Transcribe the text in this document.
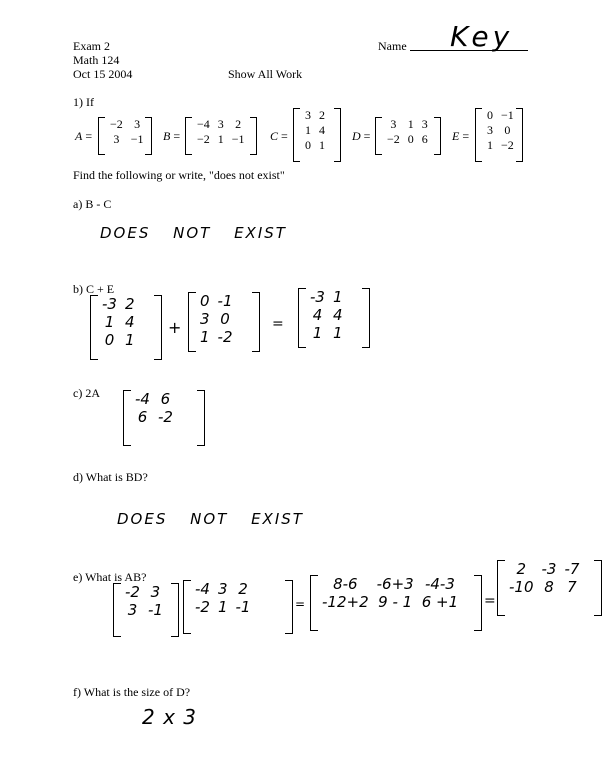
Exam 2
Math 124
Oct 15 2004	Show All Work
Name Key
1) If
A =
−2	3
3	−1 B =
−4	3	2
−2	1	−1 C =
3	2
1	4
0	1
D =
3	1	3
−2	0	6 E =
0	−1
3	0
1	−2
Find the following or write, "does not exist"
a) B - C
DOES NOT EXIST
b) C + E
-3	2
1	4
0	1
+
0	-1
3	0
1	-2
=
-3	1
4	4
1	1
c) 2A -4	6
6	-2
d) What is BD?
DOES NOT EXIST
e) What is AB?
-2	3
3	-1
-4	3	2
-2	1	-1	=
8-6	-6+3	-4-3
-12+2	9 - 1	6 +1 =
2	-3	-7
-10	8	7
f) What is the size of D?
2 x 3
